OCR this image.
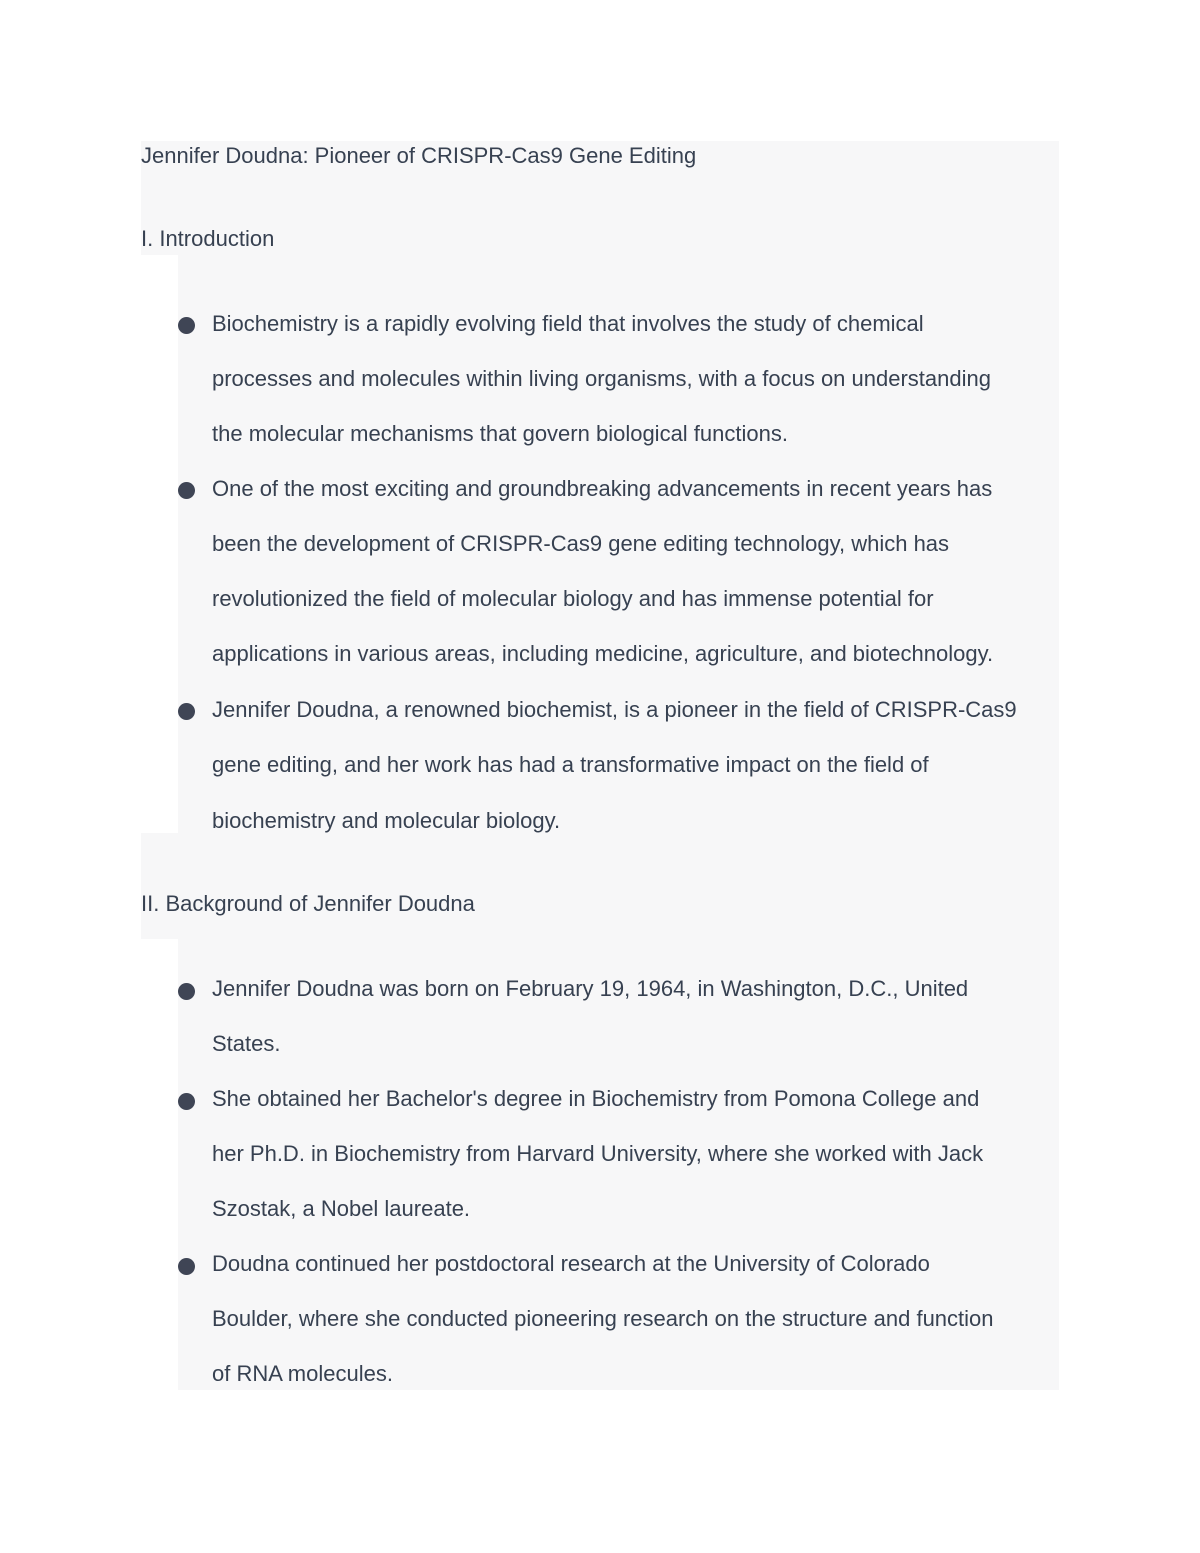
Jennifer Doudna: Pioneer of CRISPR-Cas9 Gene Editing
I. Introduction
Biochemistry is a rapidly evolving field that involves the study of chemical
processes and molecules within living organisms, with a focus on understanding
the molecular mechanisms that govern biological functions.
One of the most exciting and groundbreaking advancements in recent years has
been the development of CRISPR-Cas9 gene editing technology, which has
revolutionized the field of molecular biology and has immense potential for
applications in various areas, including medicine, agriculture, and biotechnology.
Jennifer Doudna, a renowned biochemist, is a pioneer in the field of CRISPR-Cas9
gene editing, and her work has had a transformative impact on the field of
biochemistry and molecular biology.
II. Background of Jennifer Doudna
Jennifer Doudna was born on February 19, 1964, in Washington, D.C., United
States.
She obtained her Bachelor's degree in Biochemistry from Pomona College and
her Ph.D. in Biochemistry from Harvard University, where she worked with Jack
Szostak, a Nobel laureate.
Doudna continued her postdoctoral research at the University of Colorado
Boulder, where she conducted pioneering research on the structure and function
of RNA molecules.
